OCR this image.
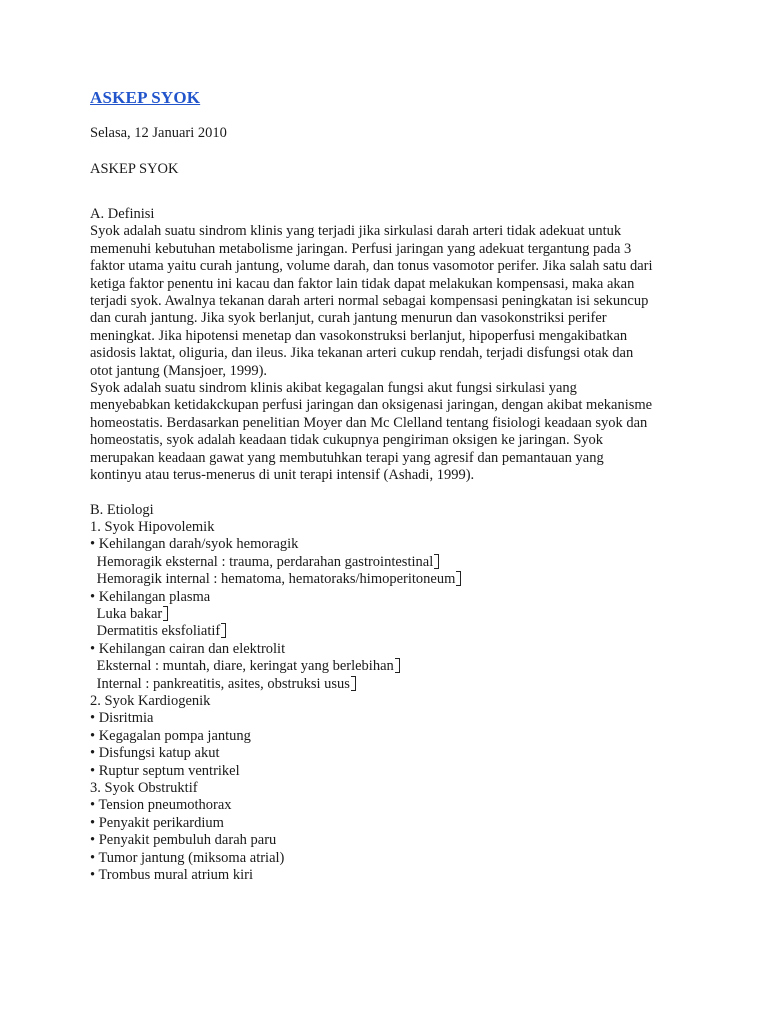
ASKEP SYOK
Selasa, 12 Januari 2010
ASKEP SYOK
A. Definisi
Syok adalah suatu sindrom klinis yang terjadi jika sirkulasi darah arteri tidak adekuat untuk
memenuhi kebutuhan metabolisme jaringan. Perfusi jaringan yang adekuat tergantung pada 3
faktor utama yaitu curah jantung, volume darah, dan tonus vasomotor perifer. Jika salah satu dari
ketiga faktor penentu ini kacau dan faktor lain tidak dapat melakukan kompensasi, maka akan
terjadi syok. Awalnya tekanan darah arteri normal sebagai kompensasi peningkatan isi sekuncup
dan curah jantung. Jika syok berlanjut, curah jantung menurun dan vasokonstriksi perifer
meningkat. Jika hipotensi menetap dan vasokonstruksi berlanjut, hipoperfusi mengakibatkan
asidosis laktat, oliguria, dan ileus. Jika tekanan arteri cukup rendah, terjadi disfungsi otak dan
otot jantung (Mansjoer, 1999).
Syok adalah suatu sindrom klinis akibat kegagalan fungsi akut fungsi sirkulasi yang
menyebabkan ketidakckupan perfusi jaringan dan oksigenasi jaringan, dengan akibat mekanisme
homeostatis. Berdasarkan penelitian Moyer dan Mc Clelland tentang fisiologi keadaan syok dan
homeostatis, syok adalah keadaan tidak cukupnya pengiriman oksigen ke jaringan. Syok
merupakan keadaan gawat yang membutuhkan terapi yang agresif dan pemantauan yang
kontinyu atau terus-menerus di unit terapi intensif (Ashadi, 1999).
B. Etiologi
1. Syok Hipovolemik
• Kehilangan darah/syok hemoragik
Hemoragik eksternal : trauma, perdarahan gastrointestinal
Hemoragik internal : hematoma, hematoraks/himoperitoneum
• Kehilangan plasma
Luka bakar
Dermatitis eksfoliatif
• Kehilangan cairan dan elektrolit
Eksternal : muntah, diare, keringat yang berlebihan
Internal : pankreatitis, asites, obstruksi usus
2. Syok Kardiogenik
• Disritmia
• Kegagalan pompa jantung
• Disfungsi katup akut
• Ruptur septum ventrikel
3. Syok Obstruktif
• Tension pneumothorax
• Penyakit perikardium
• Penyakit pembuluh darah paru
• Tumor jantung (miksoma atrial)
• Trombus mural atrium kiri
